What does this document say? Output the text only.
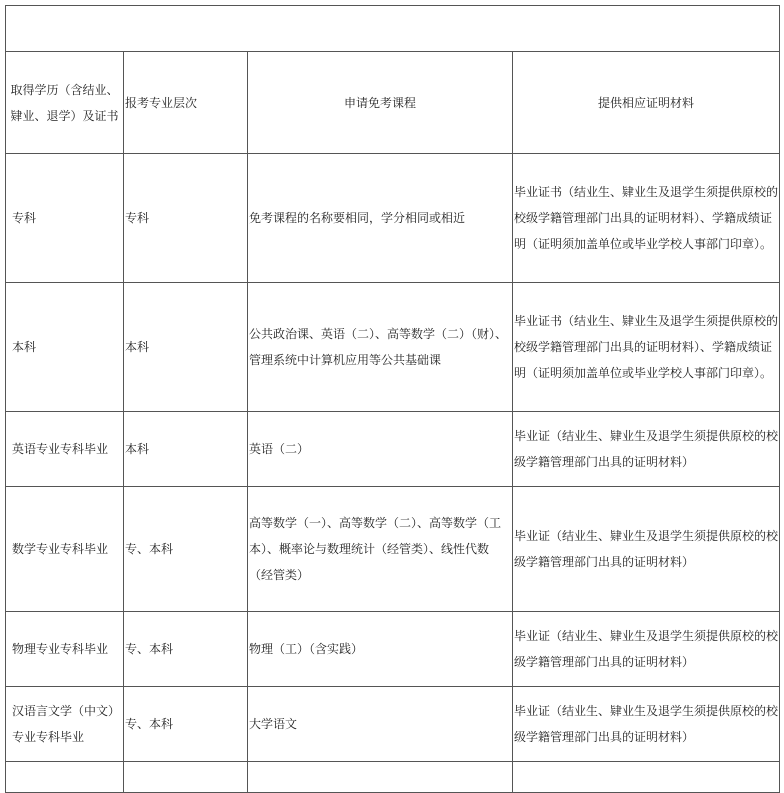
取得学历（含结业、肄业、退学）及证书	报考专业层次	申请免考课程	提供相应证明材料
专科	专科	免考课程的名称要相同，学分相同或相近	毕业证书（结业生、肄业生及退学生须提供原校的校级学籍管理部门出具的证明材料）、学籍成绩证明（证明须加盖单位或毕业学校人事部门印章）。
本科	本科	公共政治课、英语（二）、高等数学（二）（财）、管理系统中计算机应用等公共基础课	毕业证书（结业生、肄业生及退学生须提供原校的校级学籍管理部门出具的证明材料）、学籍成绩证明（证明须加盖单位或毕业学校人事部门印章）。
英语专业专科毕业	本科	英语（二）	毕业证（结业生、肄业生及退学生须提供原校的校级学籍管理部门出具的证明材料）
数学专业专科毕业	专、本科	高等数学（一）、高等数学（二）、高等数学（工本）、概率论与数理统计（经管类）、线性代数（经管类）	毕业证（结业生、肄业生及退学生须提供原校的校级学籍管理部门出具的证明材料）
物理专业专科毕业	专、本科	物理（工）（含实践）	毕业证（结业生、肄业生及退学生须提供原校的校级学籍管理部门出具的证明材料）
汉语言文学（中文）专业专科毕业	专、本科	大学语文	毕业证（结业生、肄业生及退学生须提供原校的校级学籍管理部门出具的证明材料）
